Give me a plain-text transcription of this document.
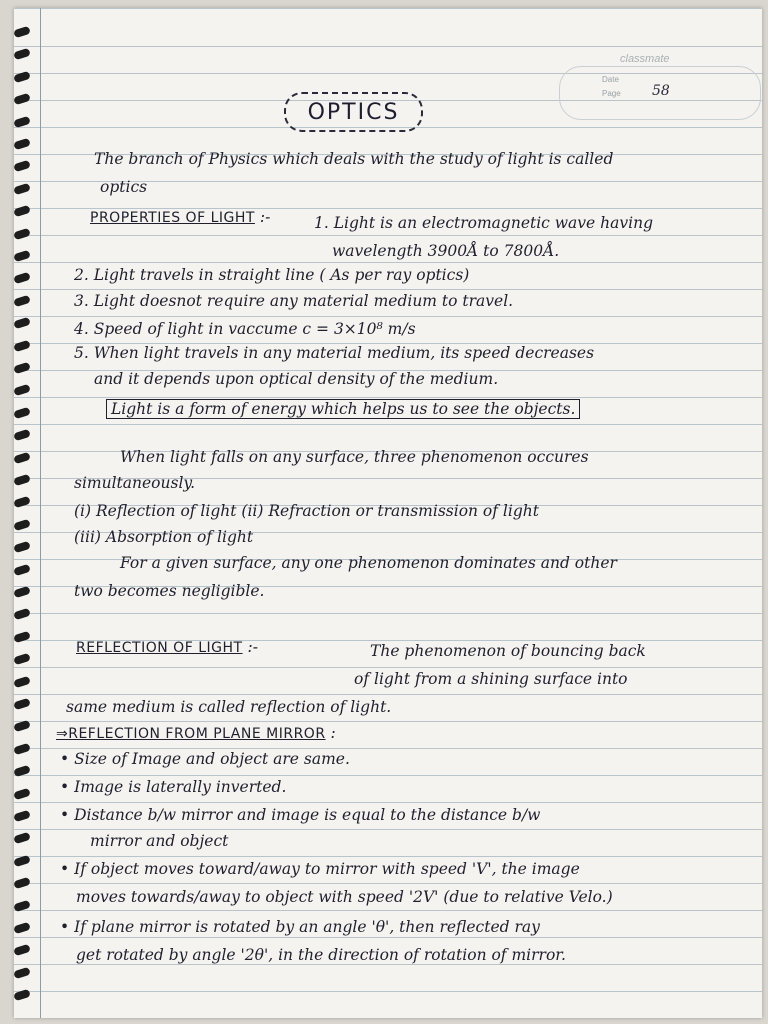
classmate
Date
Page 58
OPTICS
The branch of Physics which deals with the study of light is called
optics
PROPERTIES OF LIGHT :-	1. Light is an electromagnetic wave having
wavelength 3900Å to 7800Å.
2. Light travels in straight line ( As per ray optics)
3. Light doesnot require any material medium to travel.
4. Speed of light in vaccume c = 3×10⁸ m/s
5. When light travels in any material medium, its speed decreases
and it depends upon optical density of the medium.
Light is a form of energy which helps us to see the objects.
When light falls on any surface, three phenomenon occures
simultaneously.
(i) Reflection of light (ii) Refraction or transmission of light
(iii) Absorption of light
For a given surface, any one phenomenon dominates and other
two becomes negligible.
REFLECTION OF LIGHT :-	The phenomenon of bouncing back
of light from a shining surface into
same medium is called reflection of light.
⇒REFLECTION FROM PLANE MIRROR :
• Size of Image and object are same.
• Image is laterally inverted.
• Distance b/w mirror and image is equal to the distance b/w
mirror and object
• If object moves toward/away to mirror with speed 'V', the image
moves towards/away to object with speed '2V' (due to relative Velo.)
• If plane mirror is rotated by an angle 'θ', then reflected ray
get rotated by angle '2θ', in the direction of rotation of mirror.
